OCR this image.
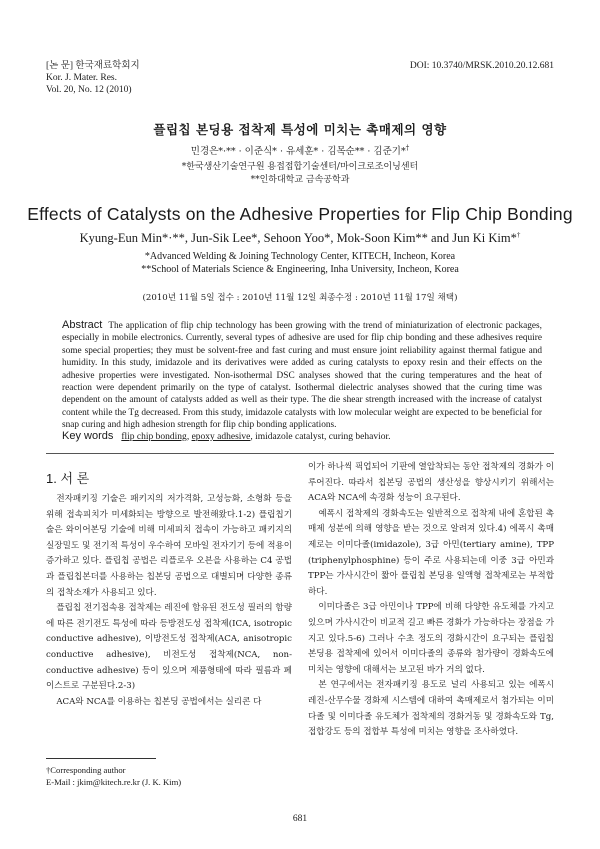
[논 문] 한국재료학회지
Kor. J. Mater. Res.
Vol. 20, No. 12 (2010)
DOI: 10.3740/MRSK.2010.20.12.681
플립칩 본딩용 접착제 특성에 미치는 촉매제의 영향
민경은*·** · 이준식* · 유세훈* · 김목순** · 김준기*†
*한국생산기술연구원 용접접합기술센터/마이크로조이닝센터
**인하대학교 금속공학과
Effects of Catalysts on the Adhesive Properties for Flip Chip Bonding
Kyung-Eun Min*·**, Jun-Sik Lee*, Sehoon Yoo*, Mok-Soon Kim** and Jun Ki Kim*†
*Advanced Welding & Joining Technology Center, KITECH, Incheon, Korea
**School of Materials Science & Engineering, Inha University, Incheon, Korea
(2010년 11월 5일 접수 : 2010년 11월 12일 최종수정 : 2010년 11월 17일 채택)
Abstract The application of flip chip technology has been growing with the trend of miniaturization of electronic packages, especially in mobile electronics. Currently, several types of adhesive are used for flip chip bonding and these adhesives require some special properties; they must be solvent-free and fast curing and must ensure joint reliability against thermal fatigue and humidity. In this study, imidazole and its derivatives were added as curing catalysts to epoxy resin and their effects on the adhesive properties were investigated. Non-isothermal DSC analyses showed that the curing temperatures and the heat of reaction were dependent primarily on the type of catalyst. Isothermal dielectric analyses showed that the curing time was dependent on the amount of catalysts added as well as their type. The die shear strength increased with the increase of catalyst content while the Tg decreased. From this study, imidazole catalysts with low molecular weight are expected to be beneficial for snap curing and high adhesion strength for flip chip bonding applications.
Key words flip chip bonding, epoxy adhesive, imidazole catalyst, curing behavior.
1. 서 론

전자패키징 기술은 패키지의 저가격화, 고성능화, 소형화 등을 위해 접속피치가 미세화되는 방향으로 발전해왔다.1-2) 플립칩기술은 와이어본딩 기술에 비해 미세피치 접속이 가능하고 패키지의 실장밀도 및 전기적 특성이 우수하여 모바일 전자기기 등에 적용이 증가하고 있다. 플립칩 공법은 리플로우 오븐을 사용하는 C4 공법과 플립칩본더를 사용하는 칩본딩 공법으로 대별되며 다양한 종류의 접착소재가 사용되고 있다.

플립칩 전기접속용 접착제는 레진에 함유된 전도성 필러의 함량에 따른 전기전도 특성에 따라 등방전도성 접착제(ICA, isotropic conductive adhesive), 이방전도성 접착제(ACA, anisotropic conductive adhesive), 비전도성 접착제(NCA, non-conductive adhesive) 등이 있으며 제품형태에 따라 필름과 페이스트로 구분된다.2-3)

ACA와 NCA를 이용하는 칩본딩 공법에서는 실리콘 다

이가 하나씩 픽업되어 기판에 열압착되는 동안 접착제의 경화가 이루어진다. 따라서 칩본딩 공법의 생산성을 향상시키기 위해서는 ACA와 NCA에 속경화 성능이 요구된다.

예폭시 접착제의 경화속도는 일반적으로 접착제 내에 혼합된 촉매제 성분에 의해 영향을 받는 것으로 알려져 있다.4) 에폭시 촉매제로는 이미다졸(imidazole), 3급 아민(tertiary amine), TPP (triphenylphosphine) 등이 주로 사용되는데 이중 3급 아민과 TPP는 가사시간이 짧아 플립칩 본딩용 일액형 접착제로는 부적합하다.

이미다졸은 3급 아민이나 TPP에 비해 다양한 유도체를 가지고 있으며 가사시간이 비교적 길고 빠른 경화가 가능하다는 장점을 가지고 있다.5-6) 그러나 수초 정도의 경화시간이 요구되는 플립칩 본딩용 접착제에 있어서 이미다졸의 종류와 첨가량이 경화속도에 미치는 영향에 대해서는 보고된 바가 거의 없다.

본 연구에서는 전자패키징 용도로 널리 사용되고 있는 에폭시 레진-산무수물 경화제 시스템에 대하여 촉매제로서 첨가되는 이미다졸 및 이미다졸 유도체가 접착제의 경화거동 및 경화속도와 Tg, 접합강도 등의 접합부 특성에 미치는 영향을 조사하였다.

†Corresponding author
E-Mail : jkim@kitech.re.kr (J. K. Kim)
681
